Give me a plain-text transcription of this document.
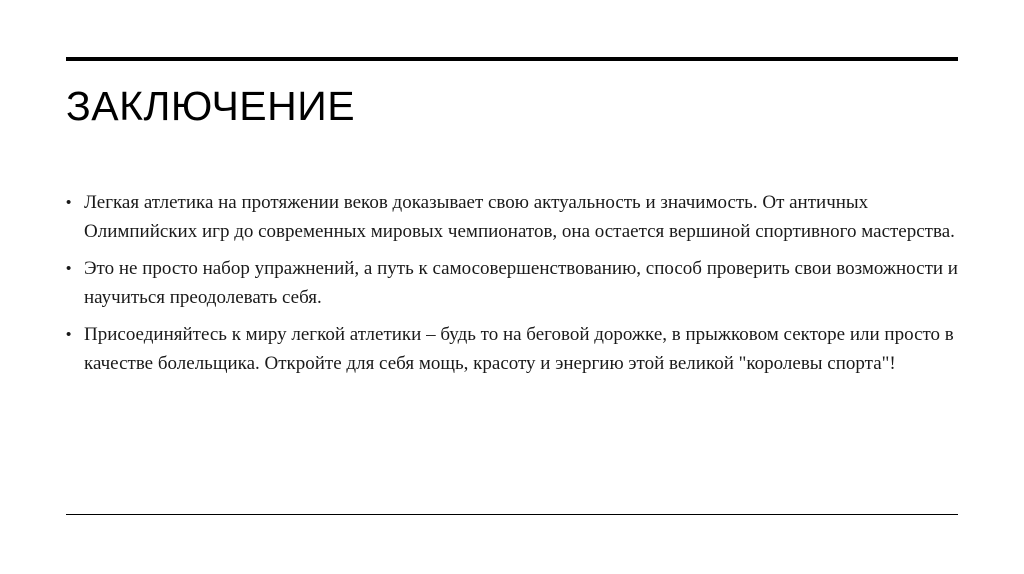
ЗАКЛЮЧЕНИЕ
• Легкая атлетика на протяжении веков доказывает свою актуальность и значимость. От античных Олимпийских игр до современных мировых чемпионатов, она остается вершиной спортивного мастерства.
• Это не просто набор упражнений, а путь к самосовершенствованию, способ проверить свои возможности и научиться преодолевать себя.
• Присоединяйтесь к миру легкой атлетики – будь то на беговой дорожке, в прыжковом секторе или просто в качестве болельщика. Откройте для себя мощь, красоту и энергию этой великой "королевы спорта"!
